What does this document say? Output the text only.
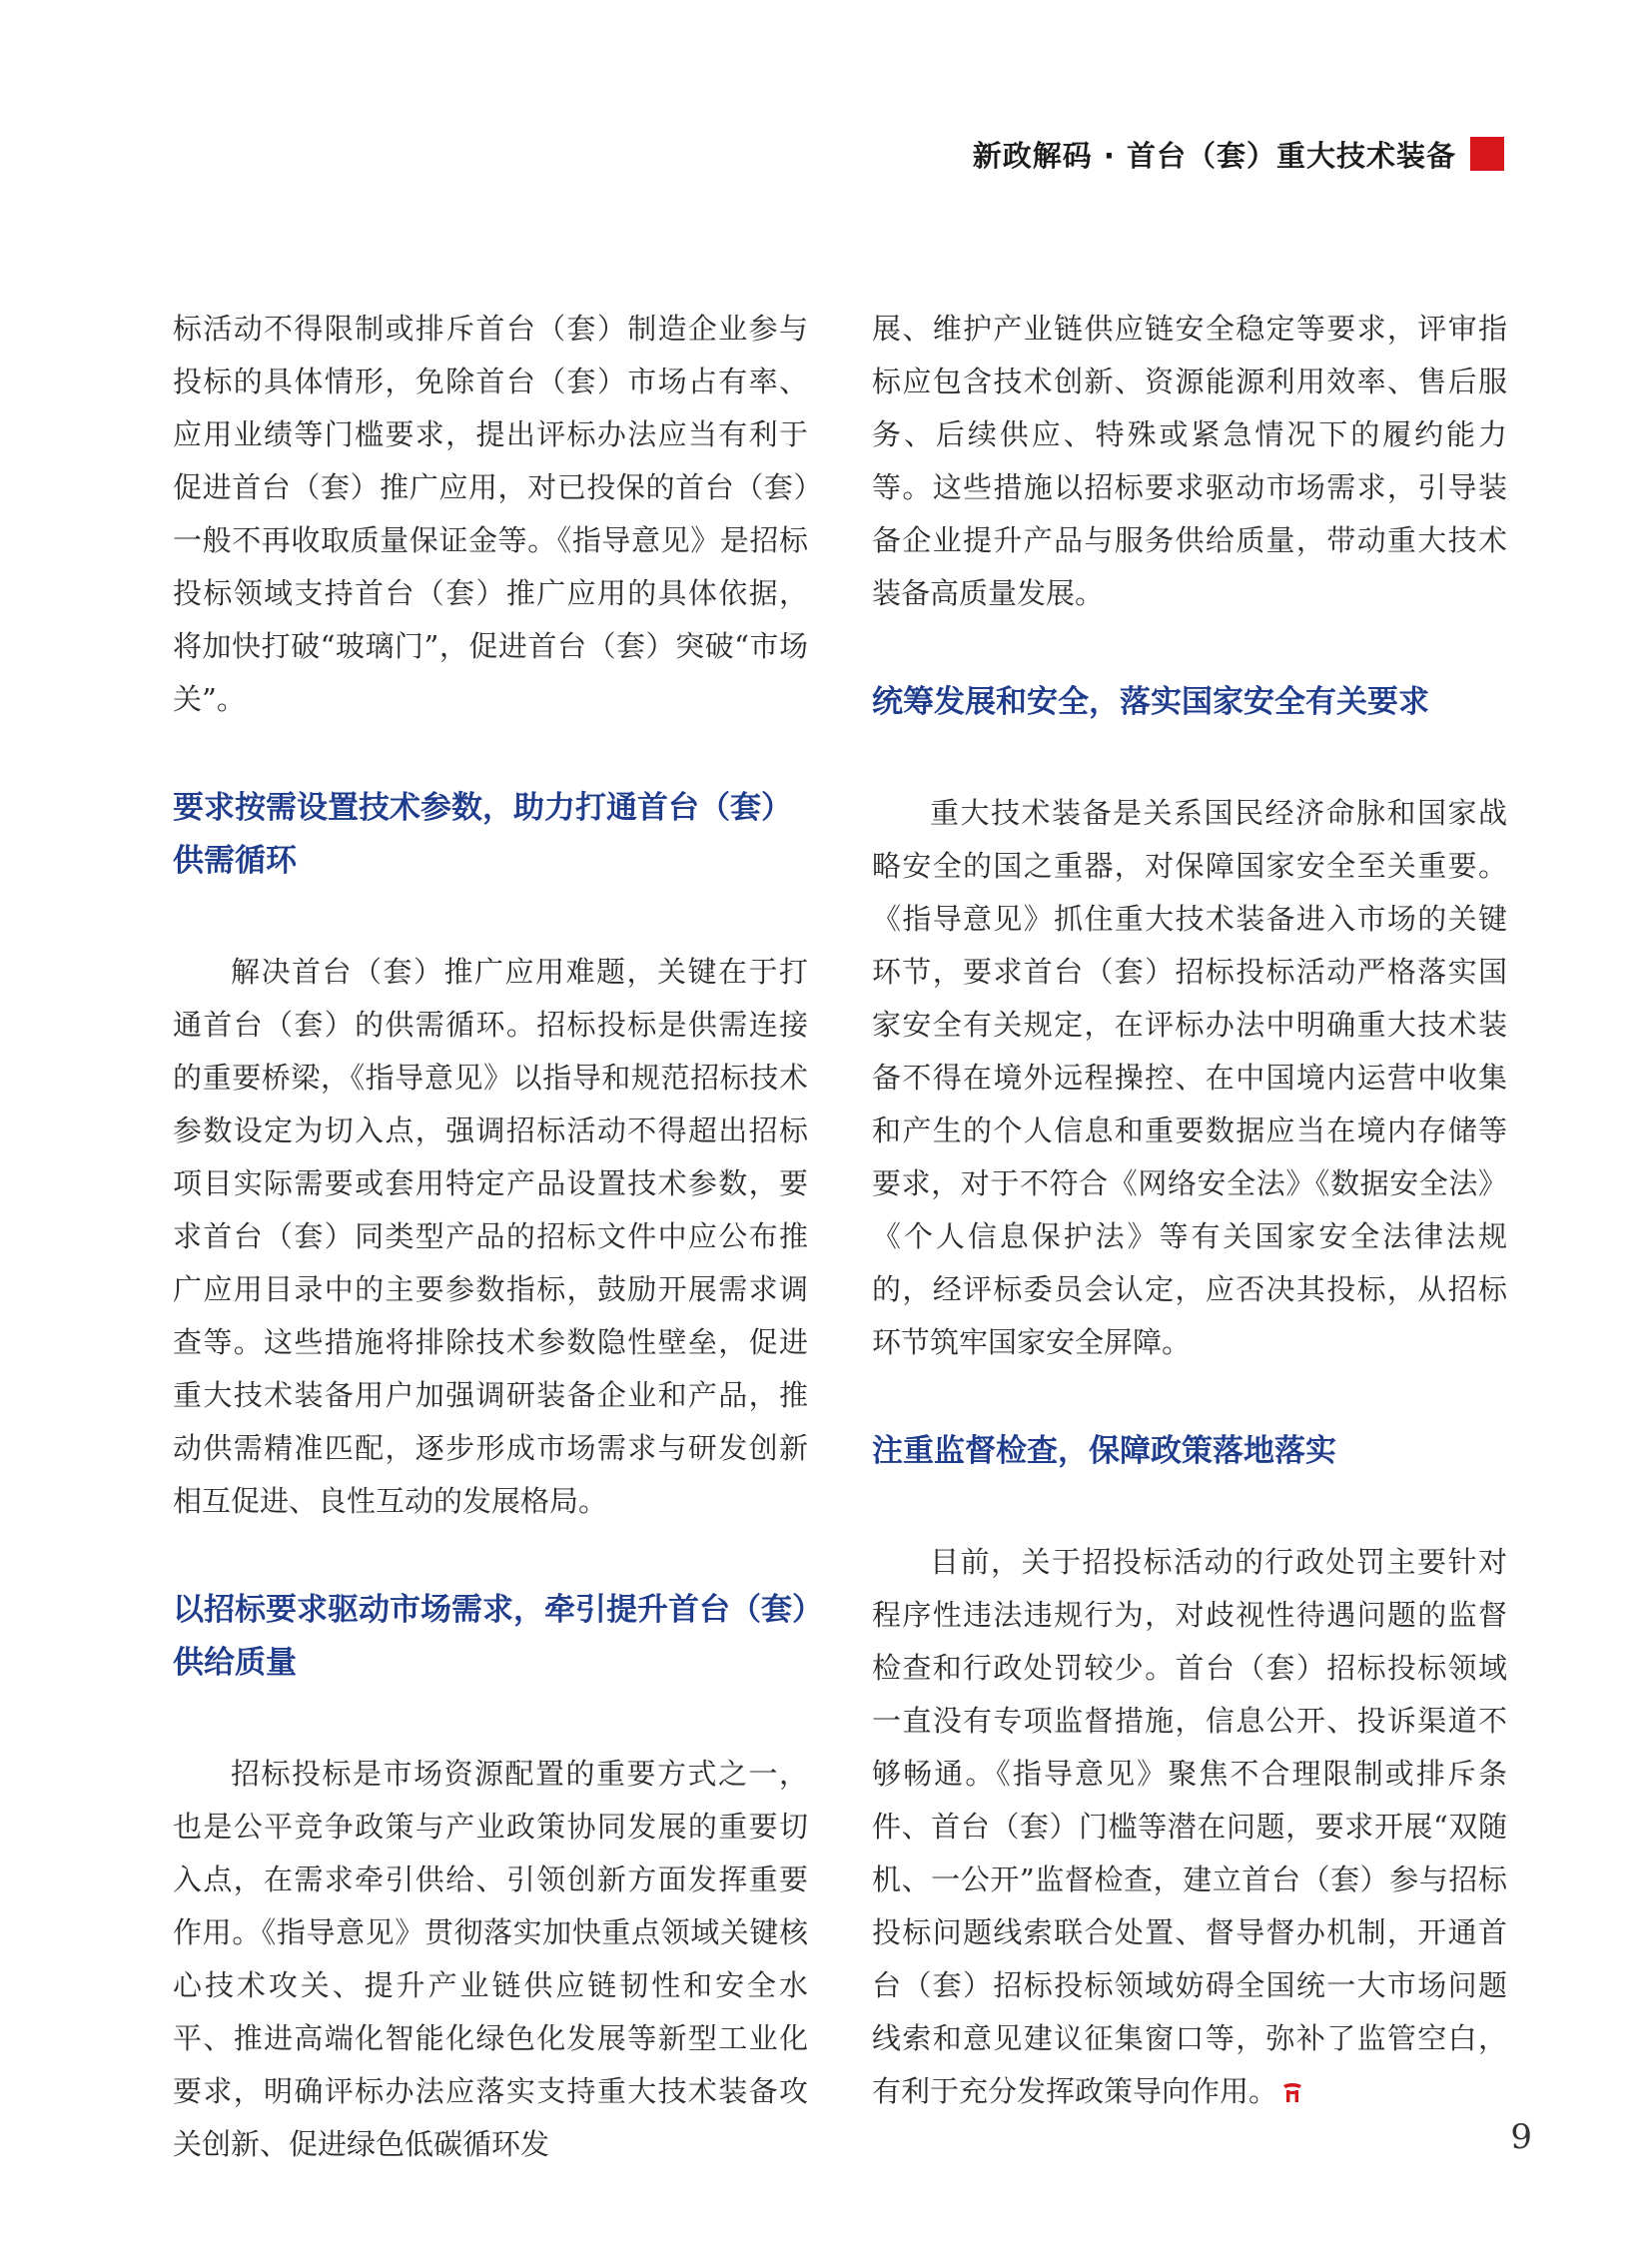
新政解码 · 首台（套）重大技术装备

标活动不得限制或排斥首台（套）制造企业参与投标的具体情形，免除首台（套）市场占有率、应用业绩等门槛要求，提出评标办法应当有利于促进首台（套）推广应用，对已投保的首台（套）一般不再收取质量保证金等。《指导意见》是招标投标领域支持首台（套）推广应用的具体依据，将加快打破“玻璃门”，促进首台（套）突破“市场关”。

要求按需设置技术参数，助力打通首台（套）供需循环

解决首台（套）推广应用难题，关键在于打通首台（套）的供需循环。招标投标是供需连接的重要桥梁，《指导意见》以指导和规范招标技术参数设定为切入点，强调招标活动不得超出招标项目实际需要或套用特定产品设置技术参数，要求首台（套）同类型产品的招标文件中应公布推广应用目录中的主要参数指标，鼓励开展需求调查等。这些措施将排除技术参数隐性壁垒，促进重大技术装备用户加强调研装备企业和产品，推动供需精准匹配，逐步形成市场需求与研发创新相互促进、良性互动的发展格局。

以招标要求驱动市场需求，牵引提升首台（套）供给质量

招标投标是市场资源配置的重要方式之一，也是公平竞争政策与产业政策协同发展的重要切入点，在需求牵引供给、引领创新方面发挥重要作用。《指导意见》贯彻落实加快重点领域关键核心技术攻关、提升产业链供应链韧性和安全水平、推进高端化智能化绿色化发展等新型工业化要求，明确评标办法应落实支持重大技术装备攻关创新、促进绿色低碳循环发

展、维护产业链供应链安全稳定等要求，评审指标应包含技术创新、资源能源利用效率、售后服务、后续供应、特殊或紧急情况下的履约能力等。这些措施以招标要求驱动市场需求，引导装备企业提升产品与服务供给质量，带动重大技术装备高质量发展。

统筹发展和安全，落实国家安全有关要求

重大技术装备是关系国民经济命脉和国家战略安全的国之重器，对保障国家安全至关重要。《指导意见》抓住重大技术装备进入市场的关键环节，要求首台（套）招标投标活动严格落实国家安全有关规定，在评标办法中明确重大技术装备不得在境外远程操控、在中国境内运营中收集和产生的个人信息和重要数据应当在境内存储等要求，对于不符合《网络安全法》《数据安全法》《个人信息保护法》等有关国家安全法律法规的，经评标委员会认定，应否决其投标，从招标环节筑牢国家安全屏障。

注重监督检查，保障政策落地落实

目前，关于招投标活动的行政处罚主要针对程序性违法违规行为，对歧视性待遇问题的监督检查和行政处罚较少。首台（套）招标投标领域一直没有专项监督措施，信息公开、投诉渠道不够畅通。《指导意见》聚焦不合理限制或排斥条件、首台（套）门槛等潜在问题，要求开展“双随机、一公开”监督检查，建立首台（套）参与招标投标问题线索联合处置、督导督办机制，开通首台（套）招标投标领域妨碍全国统一大市场问题线索和意见建议征集窗口等，弥补了监管空白，有利于充分发挥政策导向作用。

9
